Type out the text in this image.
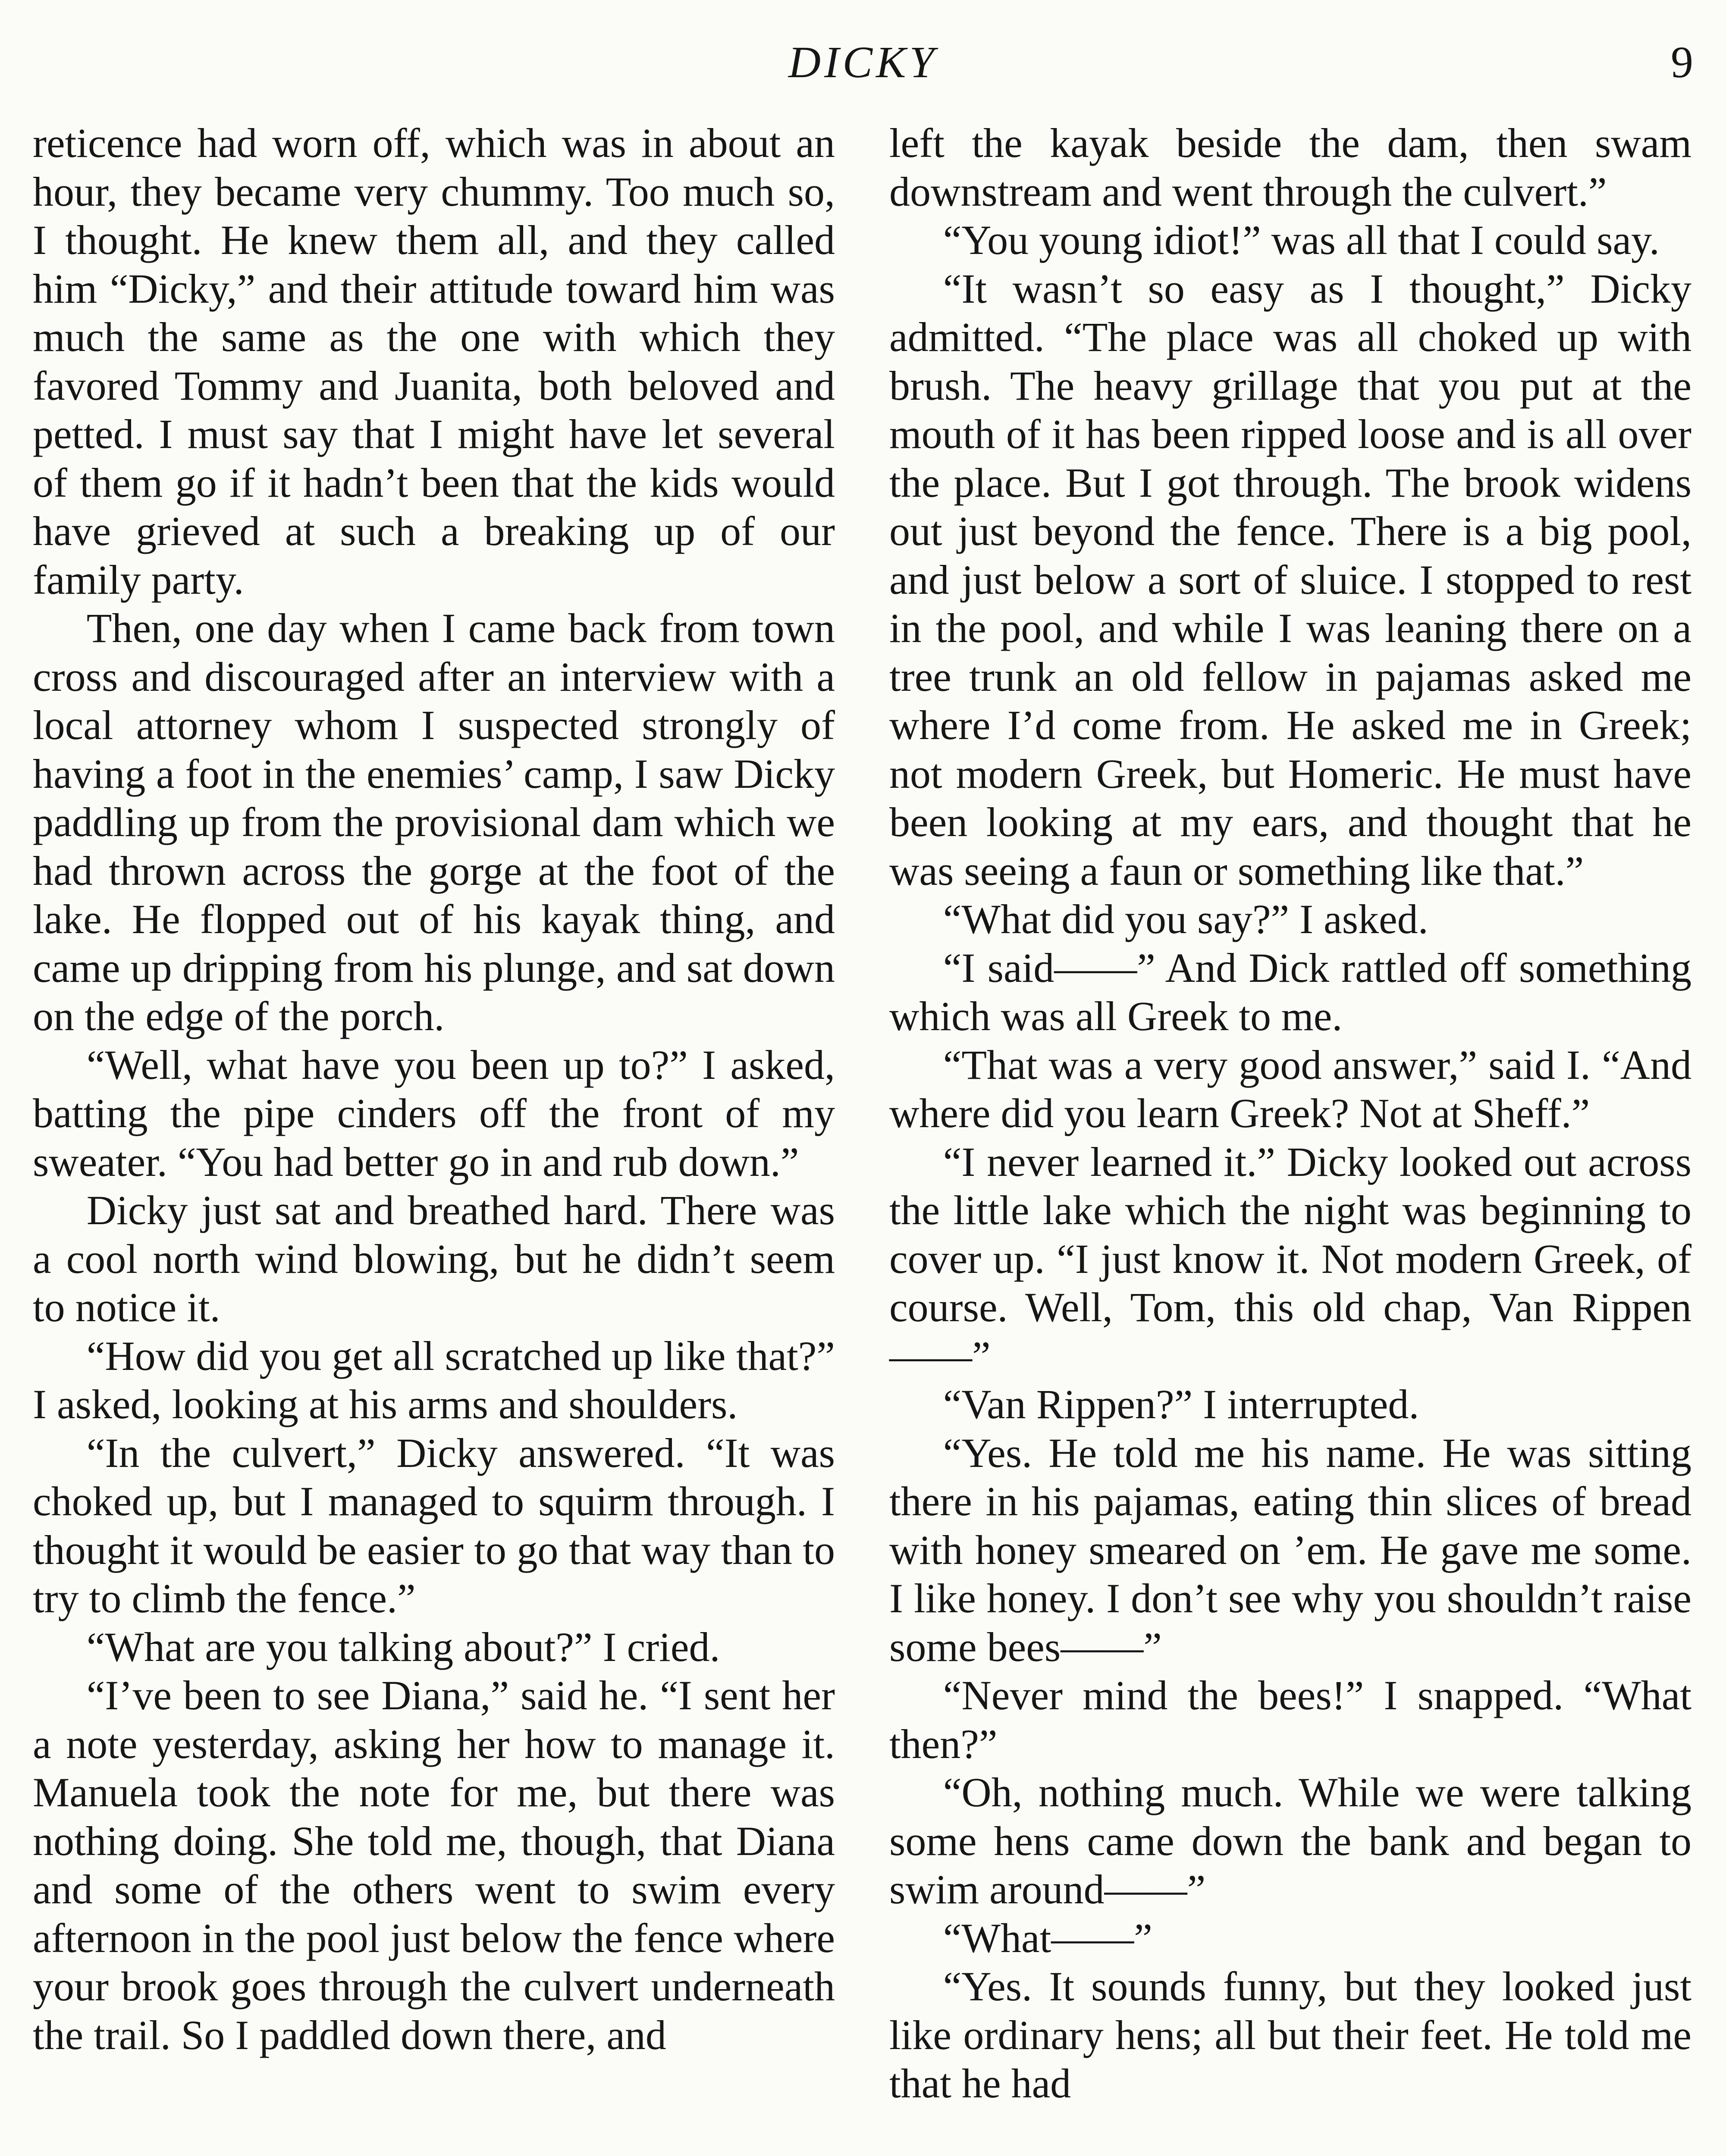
DICKY	9

reticence had worn off, which was in about an hour, they became very chummy. Too much so, I thought. He knew them all, and they called him “Dicky,” and their attitude toward him was much the same as the one with which they favored Tommy and Juanita, both beloved and petted. I must say that I might have let several of them go if it hadn’t been that the kids would have grieved at such a breaking up of our family party.

Then, one day when I came back from town cross and discouraged after an interview with a local attorney whom I suspected strongly of having a foot in the enemies’ camp, I saw Dicky paddling up from the provisional dam which we had thrown across the gorge at the foot of the lake. He flopped out of his kayak thing, and came up dripping from his plunge, and sat down on the edge of the porch.

“Well, what have you been up to?” I asked, batting the pipe cinders off the front of my sweater. “You had better go in and rub down.”

Dicky just sat and breathed hard. There was a cool north wind blowing, but he didn’t seem to notice it.

“How did you get all scratched up like that?” I asked, looking at his arms and shoulders.

“In the culvert,” Dicky answered. “It was choked up, but I managed to squirm through. I thought it would be easier to go that way than to try to climb the fence.”

“What are you talking about?” I cried.

“I’ve been to see Diana,” said he. “I sent her a note yesterday, asking her how to manage it. Manuela took the note for me, but there was nothing doing. She told me, though, that Diana and some of the others went to swim every afternoon in the pool just below the fence where your brook goes through the culvert underneath the trail. So I paddled down there, and

left the kayak beside the dam, then swam downstream and went through the culvert.”

“You young idiot!” was all that I could say.

“It wasn’t so easy as I thought,” Dicky admitted. “The place was all choked up with brush. The heavy grillage that you put at the mouth of it has been ripped loose and is all over the place. But I got through. The brook widens out just beyond the fence. There is a big pool, and just below a sort of sluice. I stopped to rest in the pool, and while I was leaning there on a tree trunk an old fellow in pajamas asked me where I’d come from. He asked me in Greek; not modern Greek, but Homeric. He must have been looking at my ears, and thought that he was seeing a faun or something like that.”

“What did you say?” I asked.

“I said——” And Dick rattled off something which was all Greek to me.

“That was a very good answer,” said I. “And where did you learn Greek? Not at Sheff.”

“I never learned it.” Dicky looked out across the little lake which the night was beginning to cover up. “I just know it. Not modern Greek, of course. Well, Tom, this old chap, Van Rippen——”

“Van Rippen?” I interrupted.

“Yes. He told me his name. He was sitting there in his pajamas, eating thin slices of bread with honey smeared on ’em. He gave me some. I like honey. I don’t see why you shouldn’t raise some bees——”

“Never mind the bees!” I snapped. “What then?”

“Oh, nothing much. While we were talking some hens came down the bank and began to swim around——”

“What——”

“Yes. It sounds funny, but they looked just like ordinary hens; all but their feet. He told me that he had
